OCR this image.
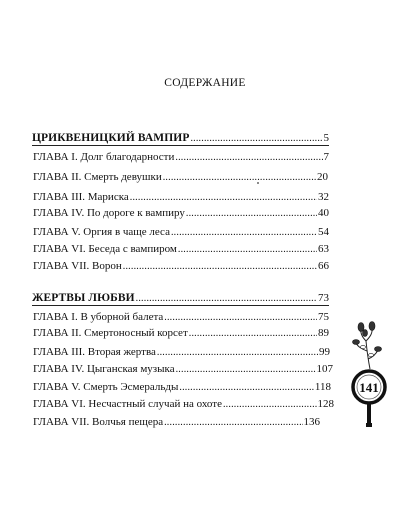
СОДЕРЖАНИЕ
ЦРИКВЕНИЦКИЙ ВАМПИР .....	5
ГЛАВА I. Долг благодарности .....	7
ГЛАВА II. Смерть девушки .....	20
ГЛАВА III. Мариска .....	32
ГЛАВА IV. По дороге к вампиру .....	40
ГЛАВА V. Оргия в чаще леса .....	54
ГЛАВА VI. Беседа с вампиром .....	63
ГЛАВА VII. Ворон .....	66
ЖЕРТВЫ ЛЮБВИ .....	73
ГЛАВА I. В уборной балета .....	75
ГЛАВА II. Смертоносный корсет .....	89
ГЛАВА III. Вторая жертва .....	99
ГЛАВА IV. Цыганская музыка .....	107
ГЛАВА V. Смерть Эсмеральды .....	118
ГЛАВА VI. Несчастный случай на охоте .....	128
ГЛАВА VII. Волчья пещера .....	136
141
